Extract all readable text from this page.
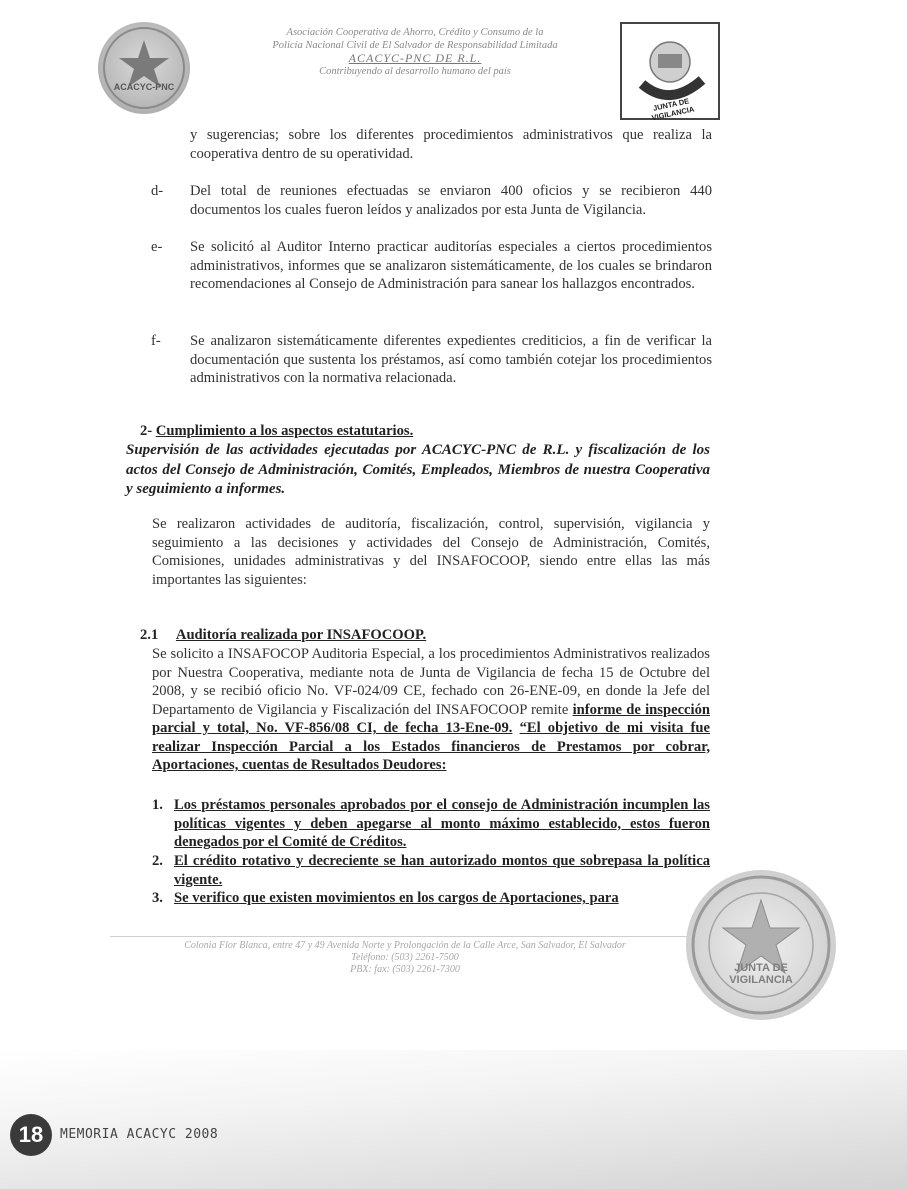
ACACYC-PNC
Asociación Cooperativa de Ahorro, Crédito y Consumo de la
Policía Nacional Civil de El Salvador de Responsabilidad Limitada
ACACYC-PNC DE R.L.
Contribuyendo al desarrollo humano del país
JUNTA DE VIGILANCIA
y sugerencias; sobre los diferentes procedimientos administrativos que realiza la cooperativa dentro de su operatividad.
d- Del total de reuniones efectuadas se enviaron 400 oficios y se recibieron 440 documentos los cuales fueron leídos y analizados por esta Junta de Vigilancia.
e- Se solicitó al Auditor Interno practicar auditorías especiales a ciertos procedimientos administrativos, informes que se analizaron sistemáticamente, de los cuales se brindaron recomendaciones al Consejo de Administración para sanear los hallazgos encontrados.
f- Se analizaron sistemáticamente diferentes expedientes crediticios, a fin de verificar la documentación que sustenta los préstamos, así como también cotejar los procedimientos administrativos con la normativa relacionada.
2- Cumplimiento a los aspectos estatutarios.
Supervisión de las actividades ejecutadas por ACACYC-PNC de R.L. y fiscalización de los actos del Consejo de Administración, Comités, Empleados, Miembros de nuestra Cooperativa y seguimiento a informes.
Se realizaron actividades de auditoría, fiscalización, control, supervisión, vigilancia y seguimiento a las decisiones y actividades del Consejo de Administración, Comités, Comisiones, unidades administrativas y del INSAFOCOOP, siendo entre ellas las más importantes las siguientes:
2.1 Auditoría realizada por INSAFOCOOP.
Se solicito a INSAFOCOP Auditoria Especial, a los procedimientos Administrativos realizados por Nuestra Cooperativa, mediante nota de Junta de Vigilancia de fecha 15 de Octubre del 2008, y se recibió oficio No. VF-024/09 CE, fechado con 26-ENE-09, en donde la Jefe del Departamento de Vigilancia y Fiscalización del INSAFOCOOP remite informe de inspección parcial y total, No. VF-856/08 CI, de fecha 13-Ene-09. “El objetivo de mi visita fue realizar Inspección Parcial a los Estados financieros de Prestamos por cobrar, Aportaciones, cuentas de Resultados Deudores:
1. Los préstamos personales aprobados por el consejo de Administración incumplen las políticas vigentes y deben apegarse al monto máximo establecido, estos fueron denegados por el Comité de Créditos.
2. El crédito rotativo y decreciente se han autorizado montos que sobrepasa la política vigente.
3. Se verifico que existen movimientos en los cargos de Aportaciones, para
Colonia Flor Blanca, entre 47 y 49 Avenida Norte y Prolongación de la Calle Arce, San Salvador, El Salvador
Teléfono: (503) 2261-7500
PBX: fax: (503) 2261-7300	JUNTA DE VIGILANCIA
18	MEMORIA ACACYC 2008
